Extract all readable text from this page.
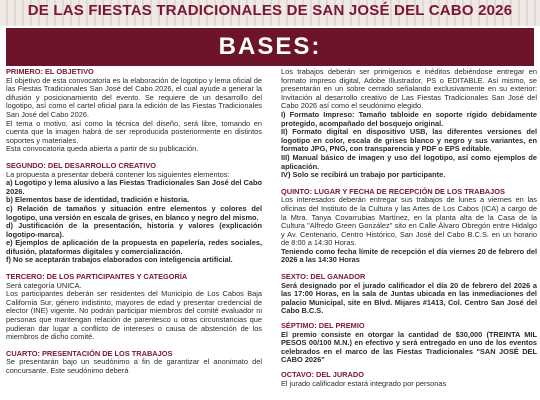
DE LAS FIESTAS TRADICIONALES DE SAN JOSÉ DEL CABO 2026
BASES:

PRIMERO: EL OBJETIVO

El objetivo de esta convocatoria es la elaboración de logotipo y lema oficial de las Fiestas Tradicionales San José del Cabo 2026, el cual ayude a generar la difusión y posicionamiento del evento. Se requiere de un desarrollo del logotipo, así como el cartel oficial para la edición de las Fiestas Tradicionales San José del Cabo 2026.

El tema o motivo, así como la técnica del diseño, será libre, tomando en cuenta que la imagen habrá de ser reproducida posteriormente en distintos soportes y materiales.

Esta convocatoria queda abierta a partir de su publicación.

SEGUNDO: DEL DESARROLLO CREATIVO

La propuesta a presentar deberá contener los siguientes elementos:

a) Logotipo y lema alusivo a las Fiestas Tradicionales San José del Cabo 2026.

b) Elementos base de identidad, tradición e historia.

c) Relación de tamaños y situación entre elementos y colores del logotipo, una versión en escala de grises, en blanco y negro del mismo.

d) Justificación de la presentación, historia y valores (explicación logotipo-marca).

e) Ejemplos de aplicación de la propuesta en papelería, redes sociales, difusión, plataformas digitales y comercialización.

f) No se aceptarán trabajos elaborados con inteligencia artificial.

TERCERO: DE LOS PARTICIPANTES Y CATEGORÍA

Será categoría UNICA.

Los participantes deberán ser residentes del Municipio de Los Cabos Baja California Sur, género indistinto, mayores de edad y presentar credencial de elector (INE) vigente. No podrán participar miembros del comité evaluador ni personas que mantengan relación de parentesco u otras circunstancias que pudieran dar lugar a conflicto de intereses o causa de abstención de los miembros de dicho comité.

CUARTO: PRESENTACIÓN DE LOS TRABAJOS

Se presentarán bajo un seudónimo a fin de garantizar el anonimato del concursante. Este seudónimo deberá

Los trabajos deberán ser primigenios e inéditos debiéndose entregar en formato impreso digital, Adobe Illustrador, PS o EDITABLE. Así mismo, se presentarán en un sobre cerrado señalando exclusivamente en su exterior: Invitación al desarrollo creativo de Las Fiestas Tradicionales San José del Cabo 2026 así como el seudónimo elegido.

I) Formato Impreso: Tamaño tabloide en soporte rígido debidamente protegido, acompañado del bosquejo original.

II) Formato digital en dispositivo USB, las diferentes versiones del logotipo en color, escala de grises blanco y negro y sus variantes, en formato JPG, PNG, con transparencia y PDF o EPS editable.

III) Manual básico de imagen y uso del logotipo, así como ejemplos de aplicación.

IV) Solo se recibirá un trabajo por participante.

QUINTO: LUGAR Y FECHA DE RECEPCIÓN DE LOS TRABAJOS

Los interesados deberán entregar sus trabajos de lunes a viernes en las oficinas del Instituto de la Cultura y las Artes de Los Cabos (ICA) a cargo de la Mtra. Tanya Covarrubias Martínez, en la planta alta de la Casa de la Cultura "Alfredo Green González" sito en Calle Álvaro Obregón entre Hidalgo y Av. Centenario, Centro Histórico, San José del Cabo B.C.S. en un horario de 8:00 a 14:30 Horas.

Teniendo como fecha límite de recepción el día viernes 20 de febrero del 2026 a las 14:30 Horas

SEXTO: DEL GANADOR

Será designado por el jurado calificador el día 20 de febrero del 2026 a las 17:00 Horas, en la sala de Juntas ubicada en las inmediaciones del palacio Municipal, site en Blvd. Mijares #1413, Col. Centro San José del Cabo B.C.S.

SÉPTIMO: DEL PREMIO

El premio consiste en otorgar la cantidad de $30,000 (TREINTA MIL PESOS 00/100 M.N.) en efectivo y será entregado en uno de los eventos celebrados en el marco de las Fiestas Tradicionales "SAN JOSÉ DEL CABO 2026"

OCTAVO: DEL JURADO

El jurado calificador estará integrado por personas
